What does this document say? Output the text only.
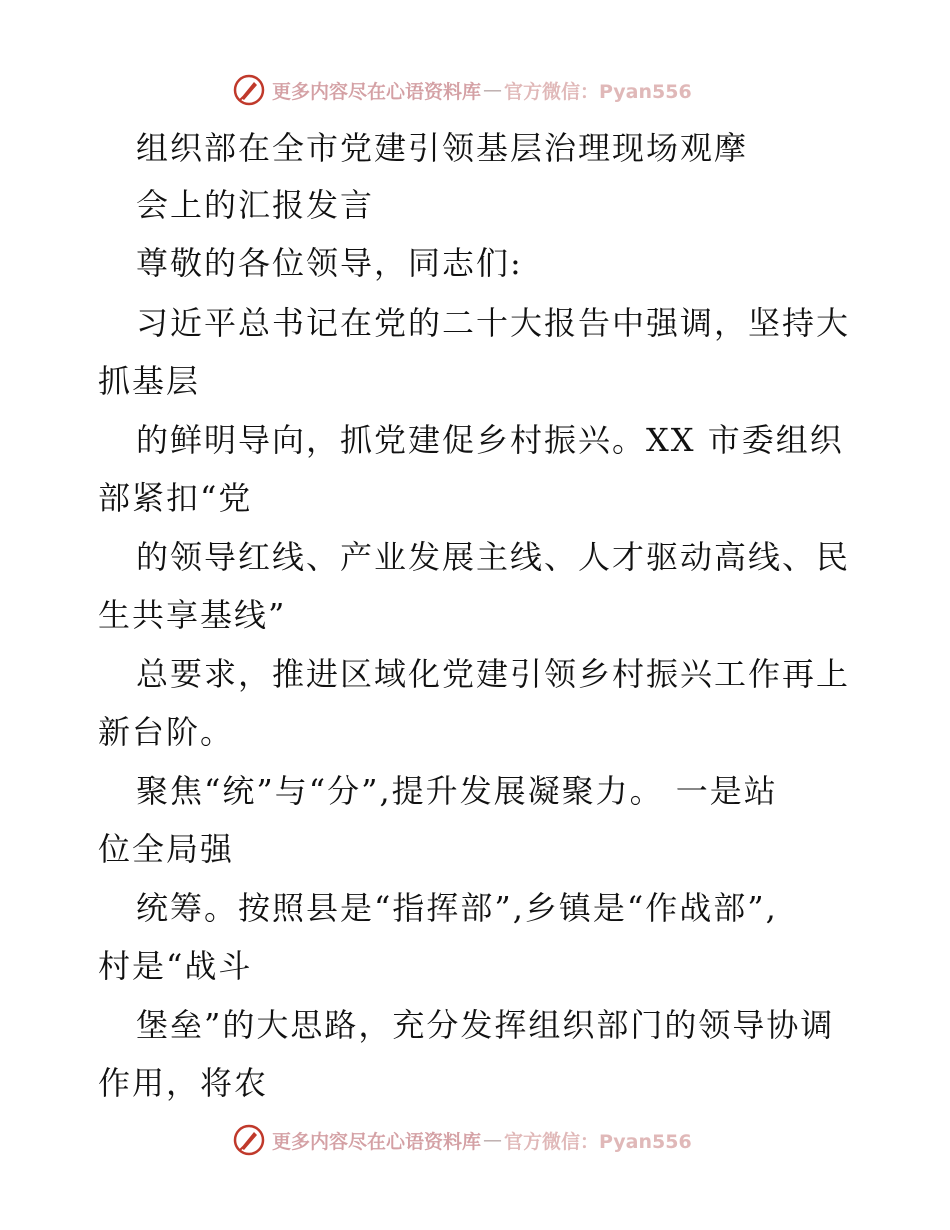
更多内容尽在心语资料库 — 官方微信：Pyan556
组织部在全市党建引领基层治理现场观摩
会上的汇报发言
尊敬的各位领导，同志们:
习近平总书记在党的二十大报告中强调，坚持大
抓基层
的鲜明导向，抓党建促乡村振兴。XX 市委组织
部紧扣“党
的领导红线、产业发展主线、人才驱动高线、民
生共享基线”
总要求，推进区域化党建引领乡村振兴工作再上
新台阶。
聚焦“统”与“分”,提升发展凝聚力。 一是站
位全局强
统筹。按照县是“指挥部”,乡镇是“作战部”,
村是“战斗
堡垒”的大思路，充分发挥组织部门的领导协调
作用，将农
更多内容尽在心语资料库 — 官方微信：Pyan556
